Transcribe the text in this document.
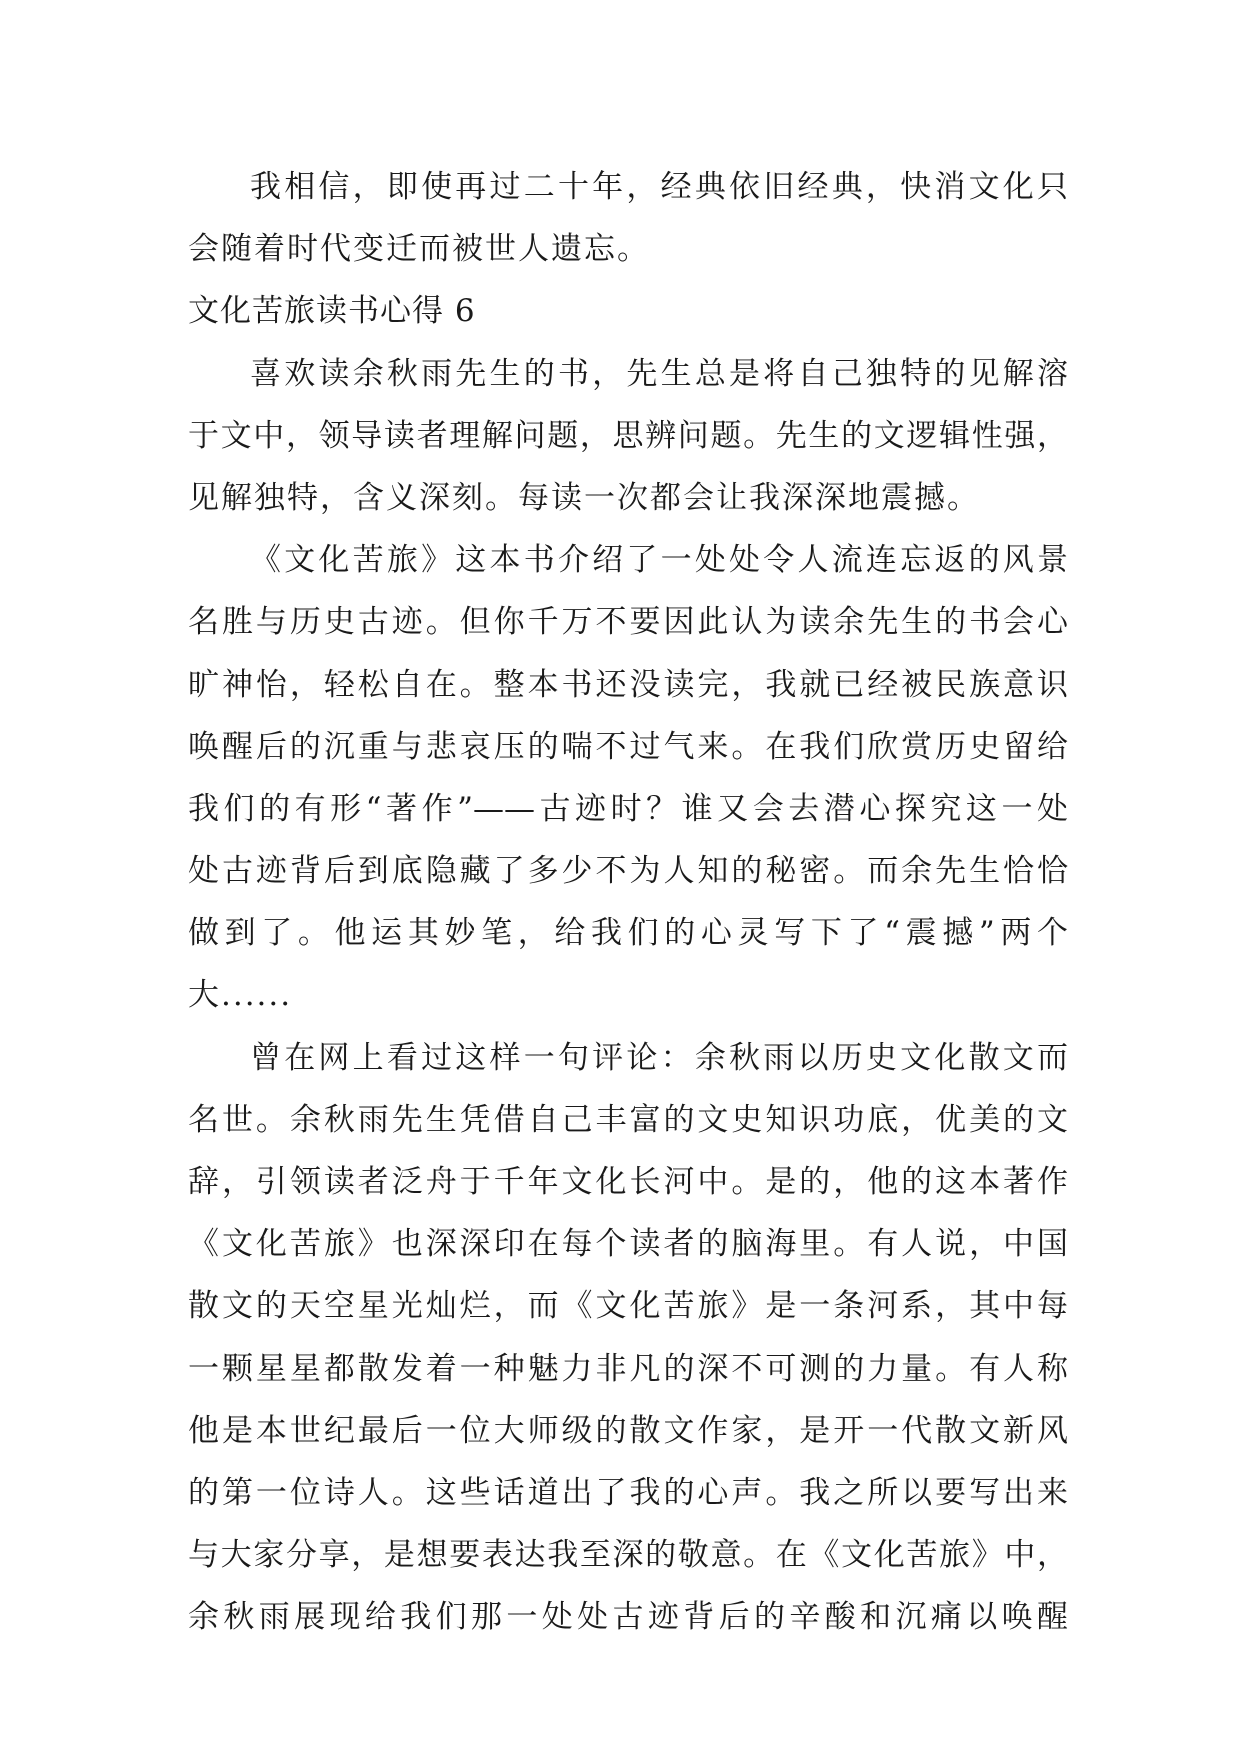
我相信，即使再过二十年，经典依旧经典，快消文化只
会随着时代变迁而被世人遗忘。
文化苦旅读书心得 6
喜欢读余秋雨先生的书，先生总是将自己独特的见解溶
于文中，领导读者理解问题，思辨问题。先生的文逻辑性强，
见解独特，含义深刻。每读一次都会让我深深地震撼。
《文化苦旅》这本书介绍了一处处令人流连忘返的风景
名胜与历史古迹。但你千万不要因此认为读余先生的书会心
旷神怡，轻松自在。整本书还没读完，我就已经被民族意识
唤醒后的沉重与悲哀压的喘不过气来。在我们欣赏历史留给
我们的有形“著作”——古迹时？谁又会去潜心探究这一处
处古迹背后到底隐藏了多少不为人知的秘密。而余先生恰恰
做到了。他运其妙笔，给我们的心灵写下了“震撼”两个
大......
曾在网上看过这样一句评论：余秋雨以历史文化散文而
名世。余秋雨先生凭借自己丰富的文史知识功底，优美的文
辞，引领读者泛舟于千年文化长河中。是的，他的这本著作
《文化苦旅》也深深印在每个读者的脑海里。有人说，中国
散文的天空星光灿烂，而《文化苦旅》是一条河系，其中每
一颗星星都散发着一种魅力非凡的深不可测的力量。有人称
他是本世纪最后一位大师级的散文作家，是开一代散文新风
的第一位诗人。这些话道出了我的心声。我之所以要写出来
与大家分享，是想要表达我至深的敬意。在《文化苦旅》中，
余秋雨展现给我们那一处处古迹背后的辛酸和沉痛以唤醒
